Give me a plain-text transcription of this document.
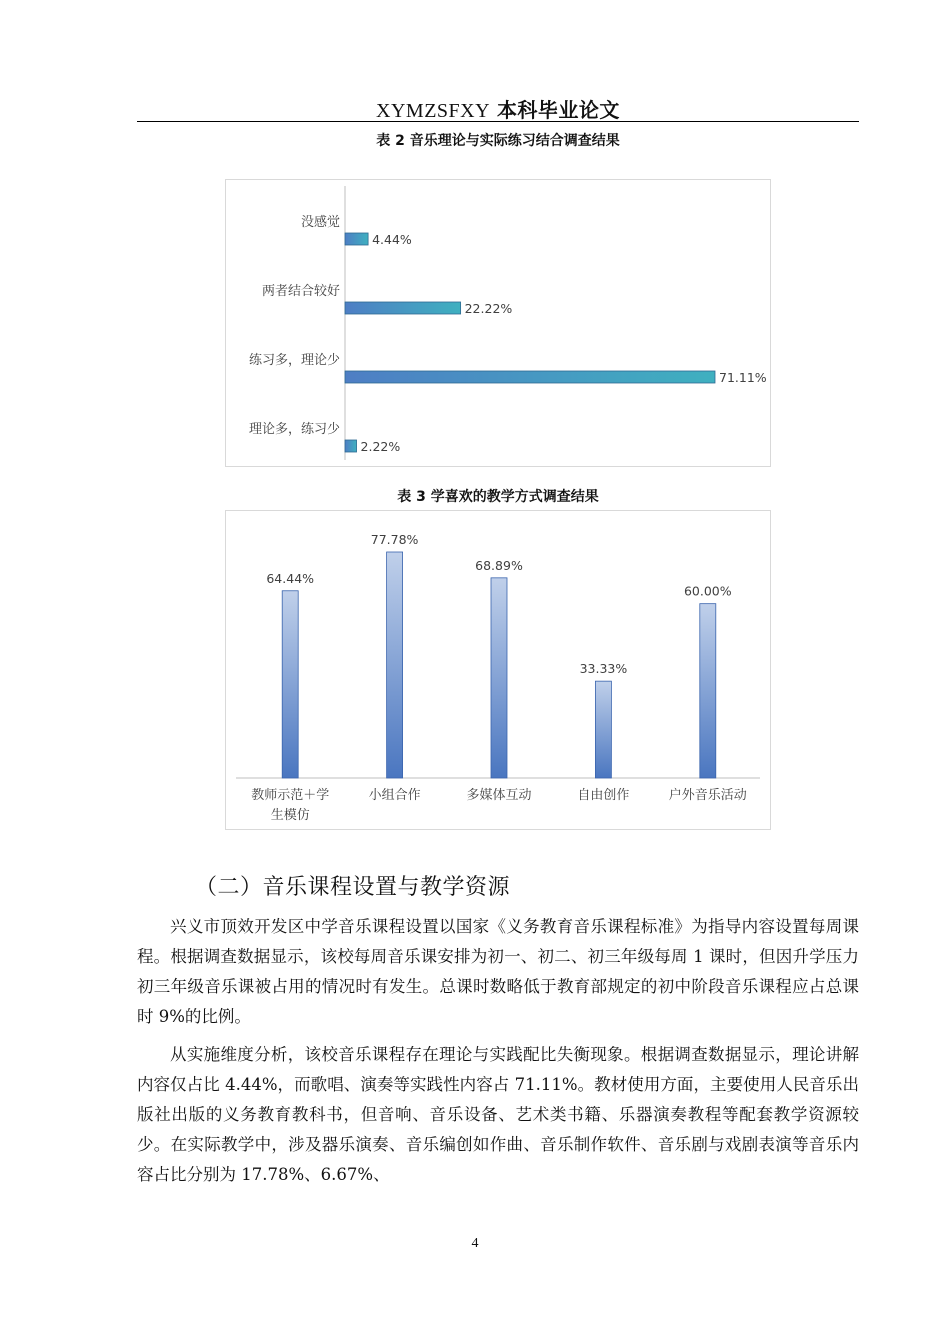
XYMZSFXY 本科毕业论文
表 2 音乐理论与实际练习结合调查结果
没感觉
4.44%
两者结合较好
22.22%
练习多，理论少
71.11%
理论多，练习少
2.22%
表 3 学喜欢的教学方式调查结果
64.44%
教师示范＋学生模仿
77.78%
小组合作
68.89%
多媒体互动
33.33%
自由创作
60.00%
户外音乐活动
（二）音乐课程设置与教学资源

兴义市顶效开发区中学音乐课程设置以国家《义务教育音乐课程标准》为指导内容设置每周课程。根据调查数据显示，该校每周音乐课安排为初一、初二、初三年级每周 1 课时，但因升学压力初三年级音乐课被占用的情况时有发生。总课时数略低于教育部规定的初中阶段音乐课程应占总课时 9%的比例。

从实施维度分析，该校音乐课程存在理论与实践配比失衡现象。根据调查数据显示，理论讲解内容仅占比 4.44%，而歌唱、演奏等实践性内容占 71.11%。教材使用方面，主要使用人民音乐出版社出版的义务教育教科书，但音响、音乐设备、艺术类书籍、乐器演奏教程等配套教学资源较少。在实际教学中，涉及器乐演奏、音乐编创如作曲、音乐制作软件、音乐剧与戏剧表演等音乐内容占比分别为 17.78%、6.67%、

4
